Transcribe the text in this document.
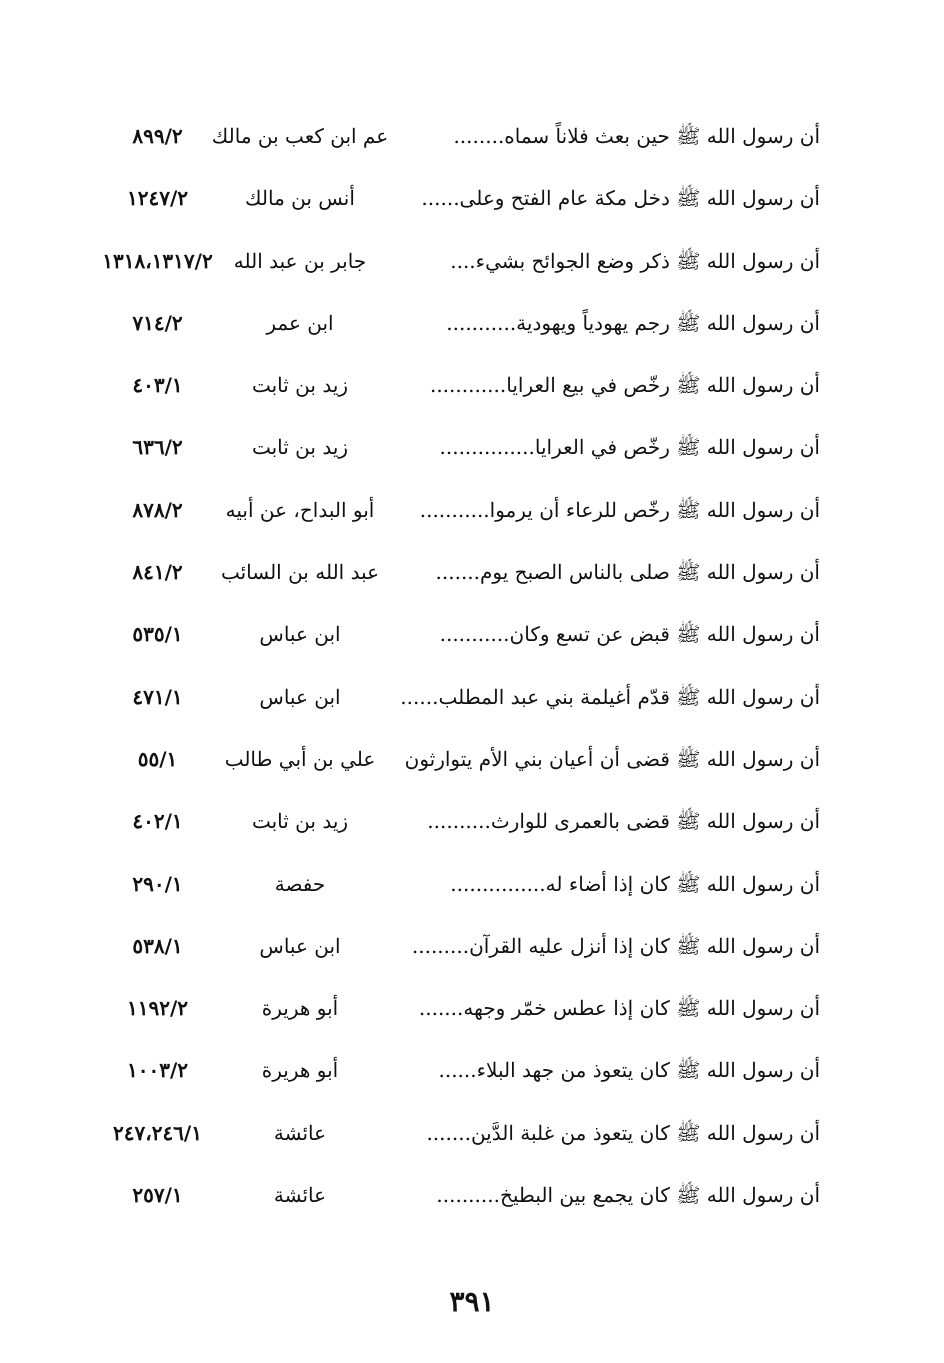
أن رسول الله ﷺ حين بعث فلاناً سماه........
عم ابن كعب بن مالك
٨٩٩/٢
أن رسول الله ﷺ دخل مكة عام الفتح وعلى......
أنس بن مالك
١٢٤٧/٢
أن رسول الله ﷺ ذكر وضع الجوائح بشيء....
جابر بن عبد الله
١٣١٨،١٣١٧/٢
أن رسول الله ﷺ رجم يهودياً ويهودية...........
ابن عمر
٧١٤/٢
أن رسول الله ﷺ رخّص في بيع العرايا............
زيد بن ثابت
٤٠٣/١
أن رسول الله ﷺ رخّص في العرايا...............
زيد بن ثابت
٦٣٦/٢
أن رسول الله ﷺ رخّص للرعاء أن يرموا...........
أبو البداح، عن أبيه
٨٧٨/٢
أن رسول الله ﷺ صلى بالناس الصبح يوم.......
عبد الله بن السائب
٨٤١/٢
أن رسول الله ﷺ قبض عن تسع وكان...........
ابن عباس
٥٣٥/١
أن رسول الله ﷺ قدّم أغيلمة بني عبد المطلب......
ابن عباس
٤٧١/١
أن رسول الله ﷺ قضى أن أعيان بني الأم يتوارثون
علي بن أبي طالب
٥٥/١
أن رسول الله ﷺ قضى بالعمرى للوارث..........
زيد بن ثابت
٤٠٢/١
أن رسول الله ﷺ كان إذا أضاء له...............
حفصة
٢٩٠/١
أن رسول الله ﷺ كان إذا أنزل عليه القرآن.........
ابن عباس
٥٣٨/١
أن رسول الله ﷺ كان إذا عطس خمّر وجهه.......
أبو هريرة
١١٩٢/٢
أن رسول الله ﷺ كان يتعوذ من جهد البلاء......
أبو هريرة
١٠٠٣/٢
أن رسول الله ﷺ كان يتعوذ من غلبة الدَّين.......
عائشة
٢٤٧،٢٤٦/١
أن رسول الله ﷺ كان يجمع بين البطيخ..........
عائشة
٢٥٧/١
٣٩١
